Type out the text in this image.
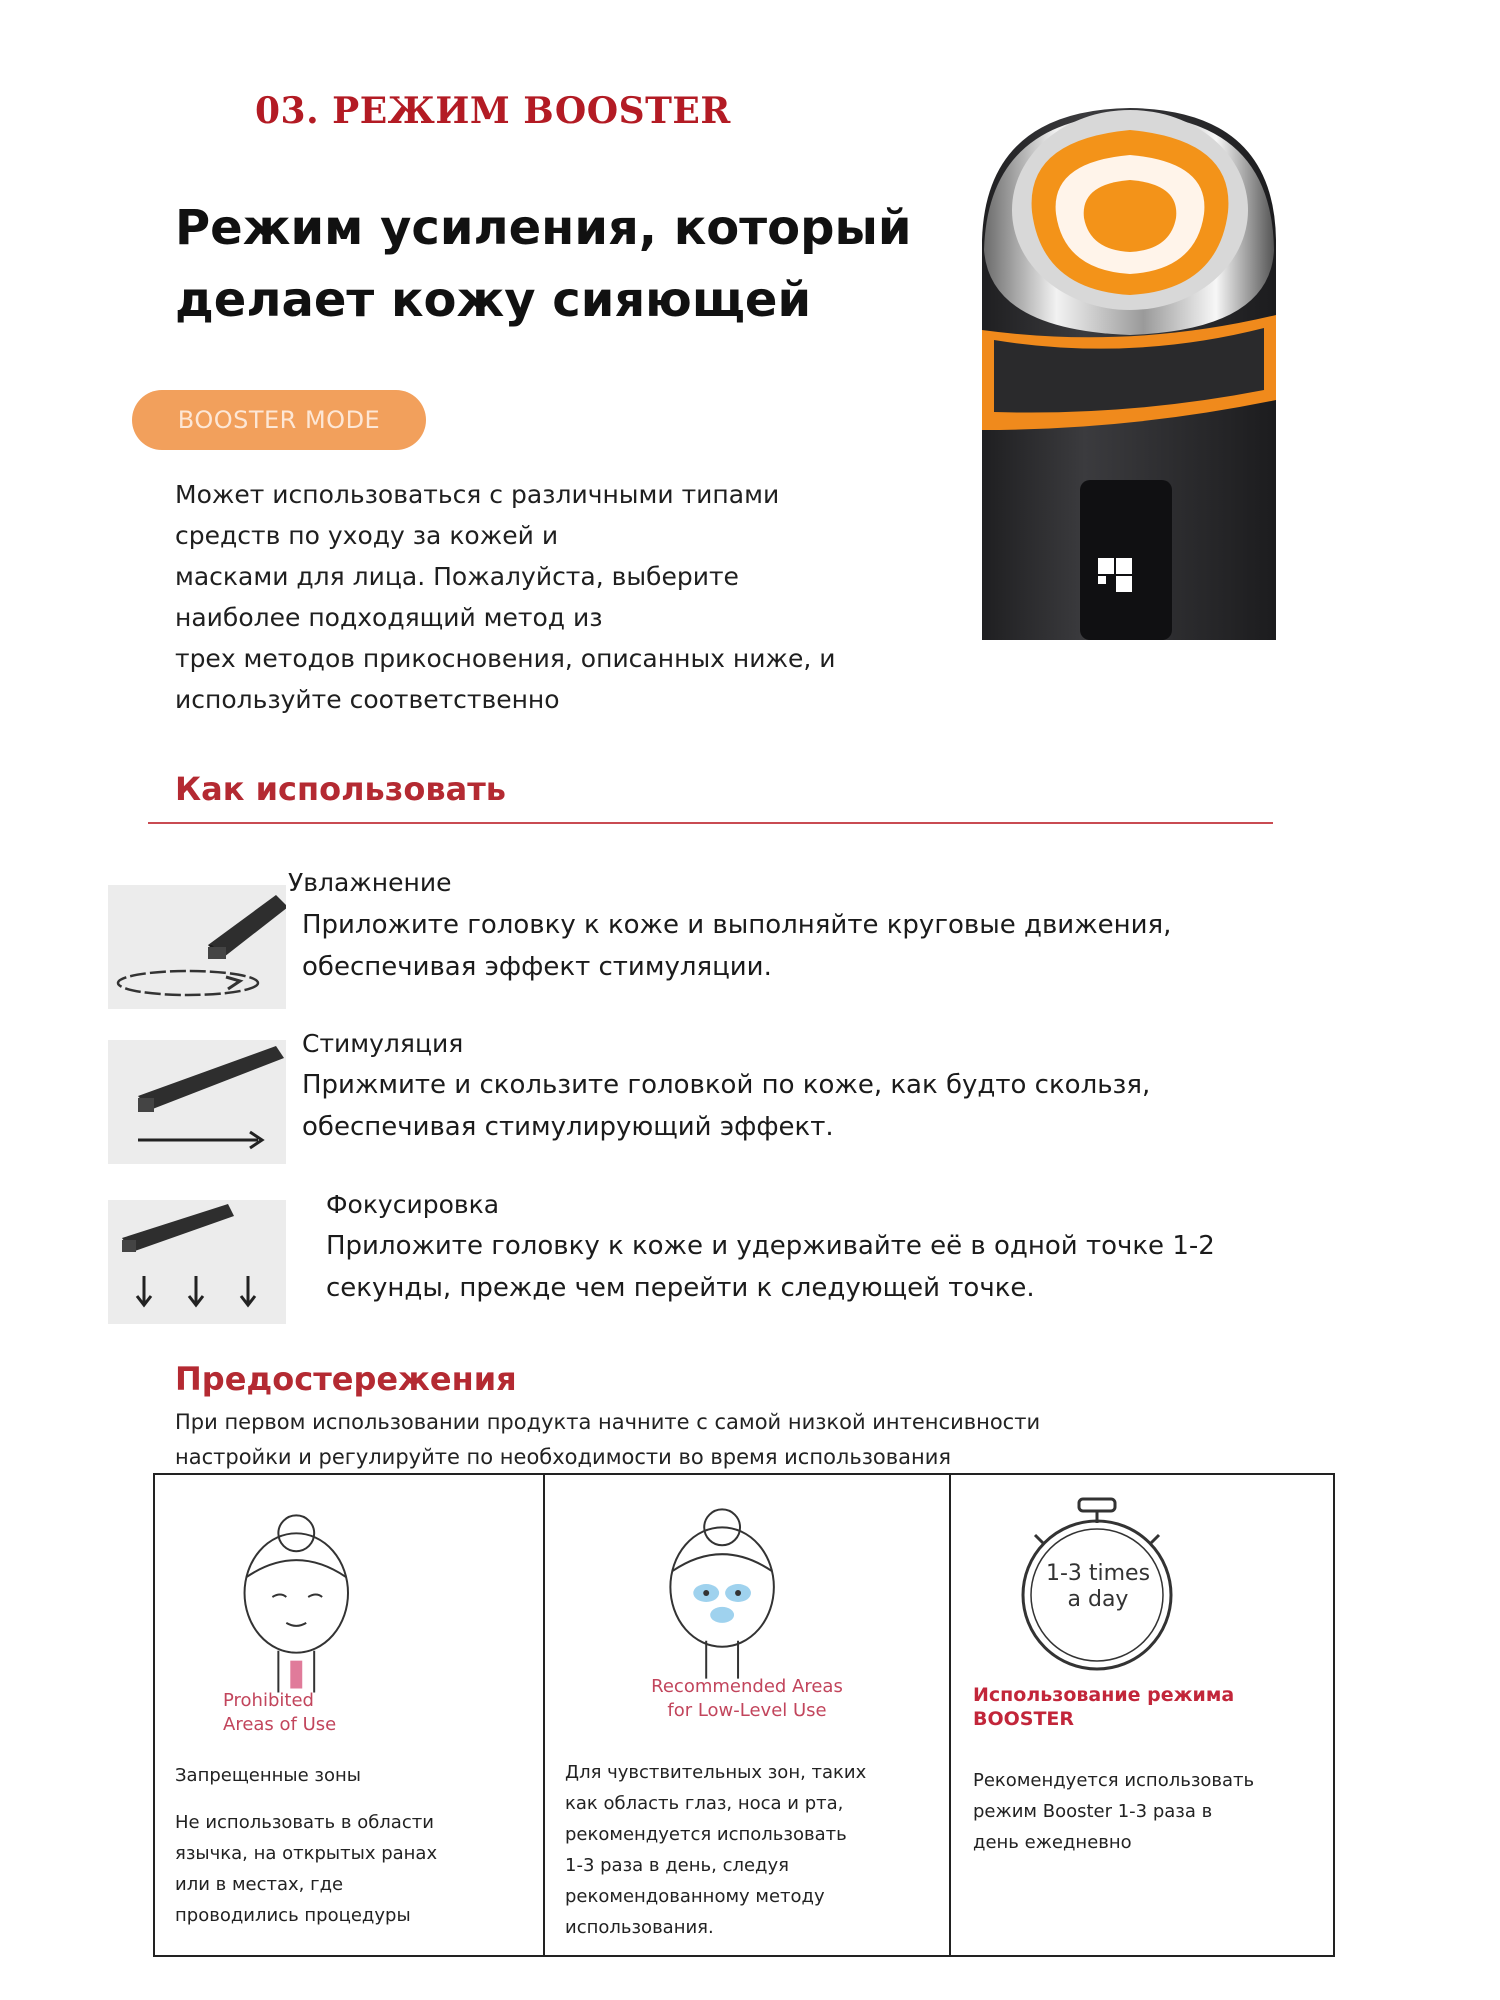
03. РЕЖИМ BOOSTER
Режим усиления, который
делает кожу сияющей
BOOSTER MODE
Может использоваться с различными типами
средств по уходу за кожей и
масками для лица. Пожалуйста, выберите
наиболее подходящий метод из
трех методов прикосновения, описанных ниже, и
используйте соответственно
Как использовать
Увлажнение
Приложите головку к коже и выполняйте круговые движения,
обеспечивая эффект стимуляции.
Стимуляция
Прижмите и скользите головкой по коже, как будто скользя,
обеспечивая стимулирующий эффект.
Фокусировка
Приложите головку к коже и удерживайте её в одной точке 1-2
секунды, прежде чем перейти к следующей точке.
Предостережения
При первом использовании продукта начните с самой низкой интенсивности
настройки и регулируйте по необходимости во время использования
Prohibited
Areas of Use
Запрещенные зоны
Не использовать в области
язычка, на открытых ранах
или в местах, где
проводились процедуры
Recommended Areas
for Low-Level Use
Для чувствительных зон, таких
как область глаз, носа и рта,
рекомендуется использовать
1-3 раза в день, следуя
рекомендованному методу
использования.
1-3 times
a day
Использование режима
BOOSTER
Рекомендуется использовать
режим Booster 1-3 раза в
день ежедневно
